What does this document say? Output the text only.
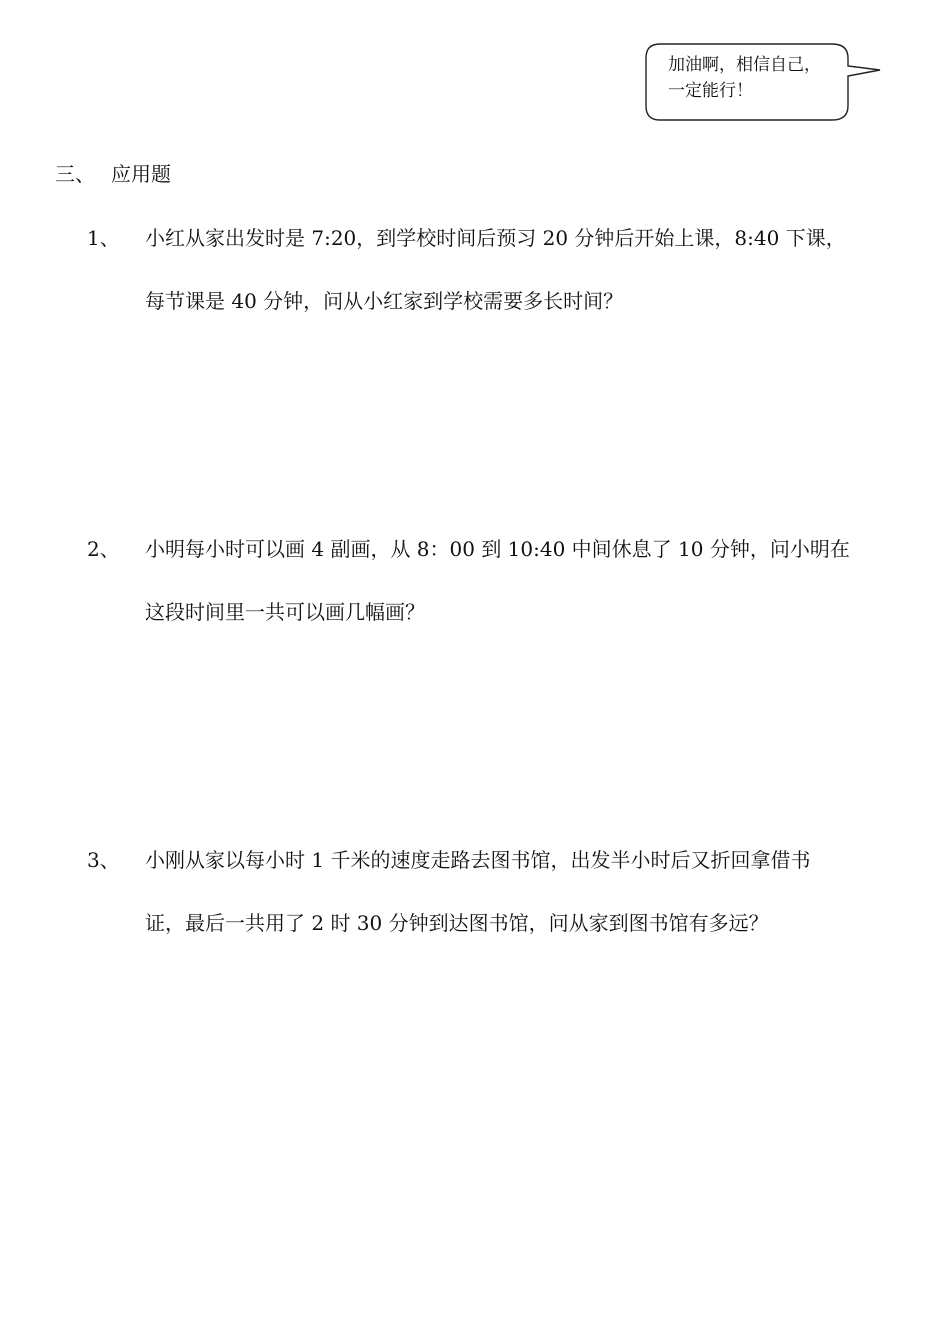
加油啊，相信自己，
一定能行！
三、 应用题
1、 小红从家出发时是 7:20，到学校时间后预习 20 分钟后开始上课，8:40 下课，
每节课是 40 分钟，问从小红家到学校需要多长时间？
2、 小明每小时可以画 4 副画，从 8：00 到 10:40 中间休息了 10 分钟，问小明在
这段时间里一共可以画几幅画？
3、 小刚从家以每小时 1 千米的速度走路去图书馆，出发半小时后又折回拿借书
证，最后一共用了 2 时 30 分钟到达图书馆，问从家到图书馆有多远？
